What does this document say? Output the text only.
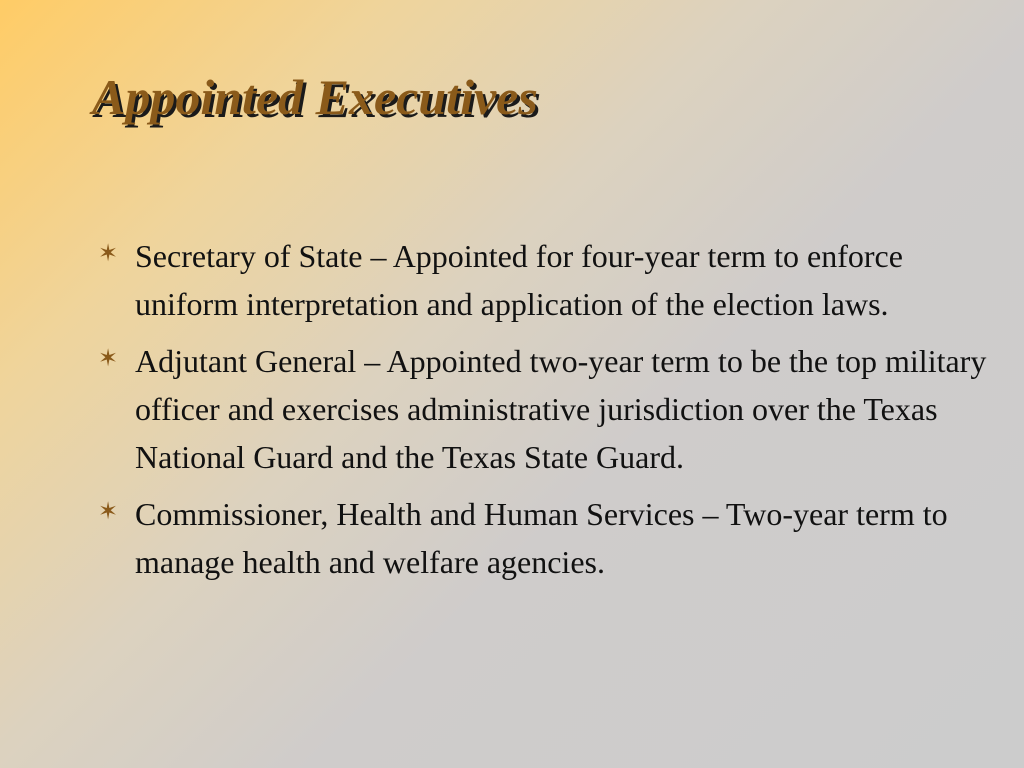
Appointed Executives
✶ Secretary of State – Appointed for four-year term to enforce uniform interpretation and application of the election laws.
✶ Adjutant General – Appointed two-year term to be the top military officer and exercises administrative jurisdiction over the Texas National Guard and the Texas State Guard.
✶ Commissioner, Health and Human Services – Two-year term to manage health and welfare agencies.
